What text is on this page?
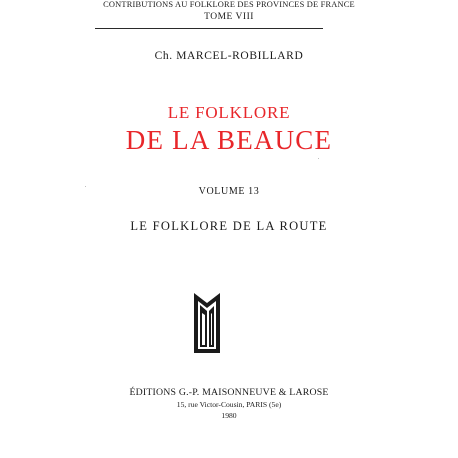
CONTRIBUTIONS AU FOLKLORE DES PROVINCES DE FRANCE
TOME VIII
Ch. MARCEL-ROBILLARD
LE FOLKLORE
DE LA BEAUCE
VOLUME 13
LE FOLKLORE DE LA ROUTE
ÉDITIONS G.-P. MAISONNEUVE & LAROSE
15, rue Victor-Cousin, PARIS (5e)
1980
